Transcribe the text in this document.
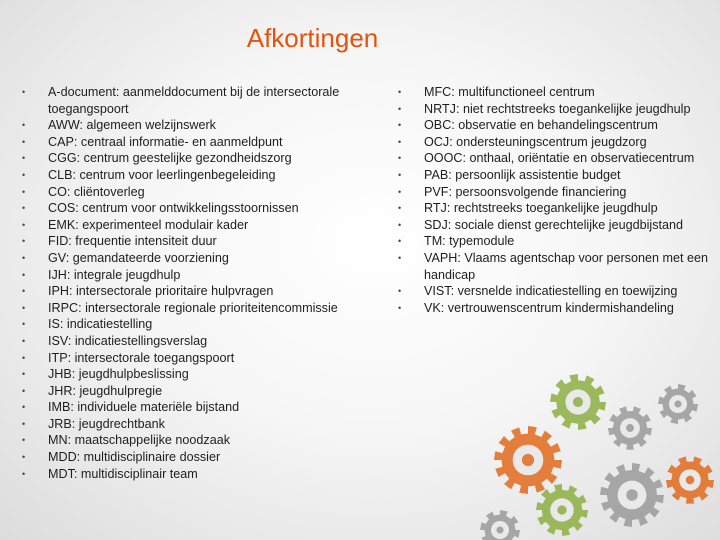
Afkortingen
• A-document: aanmelddocument bij de intersectorale toegangspoort
• AWW: algemeen welzijnswerk
• CAP: centraal informatie- en aanmeldpunt
• CGG: centrum geestelijke gezondheidszorg
• CLB: centrum voor leerlingenbegeleiding
• CO: cliëntoverleg
• COS: centrum voor ontwikkelingsstoornissen
• EMK: experimenteel modulair kader
• FID: frequentie intensiteit duur
• GV: gemandateerde voorziening
• IJH: integrale jeugdhulp
• IPH: intersectorale prioritaire hulpvragen
• IRPC: intersectorale regionale prioriteitencommissie
• IS: indicatiestelling
• ISV: indicatiestellingsverslag
• ITP: intersectorale toegangspoort
• JHB: jeugdhulpbeslissing
• JHR: jeugdhulpregie
• IMB: individuele materiële bijstand
• JRB: jeugdrechtbank
• MN: maatschappelijke noodzaak
• MDD: multidisciplinaire dossier
• MDT: multidisciplinair team
• MFC: multifunctioneel centrum
• NRTJ: niet rechtstreeks toegankelijke jeugdhulp
• OBC: observatie en behandelingscentrum
• OCJ: ondersteuningscentrum jeugdzorg
• OOOC: onthaal, oriëntatie en observatiecentrum
• PAB: persoonlijk assistentie budget
• PVF: persoonsvolgende financiering
• RTJ: rechtstreeks toegankelijke jeugdhulp
• SDJ: sociale dienst gerechtelijke jeugdbijstand
• TM: typemodule
• VAPH: Vlaams agentschap voor personen met een handicap
• VIST: versnelde indicatiestelling en toewijzing
• VK: vertrouwenscentrum kindermishandeling
